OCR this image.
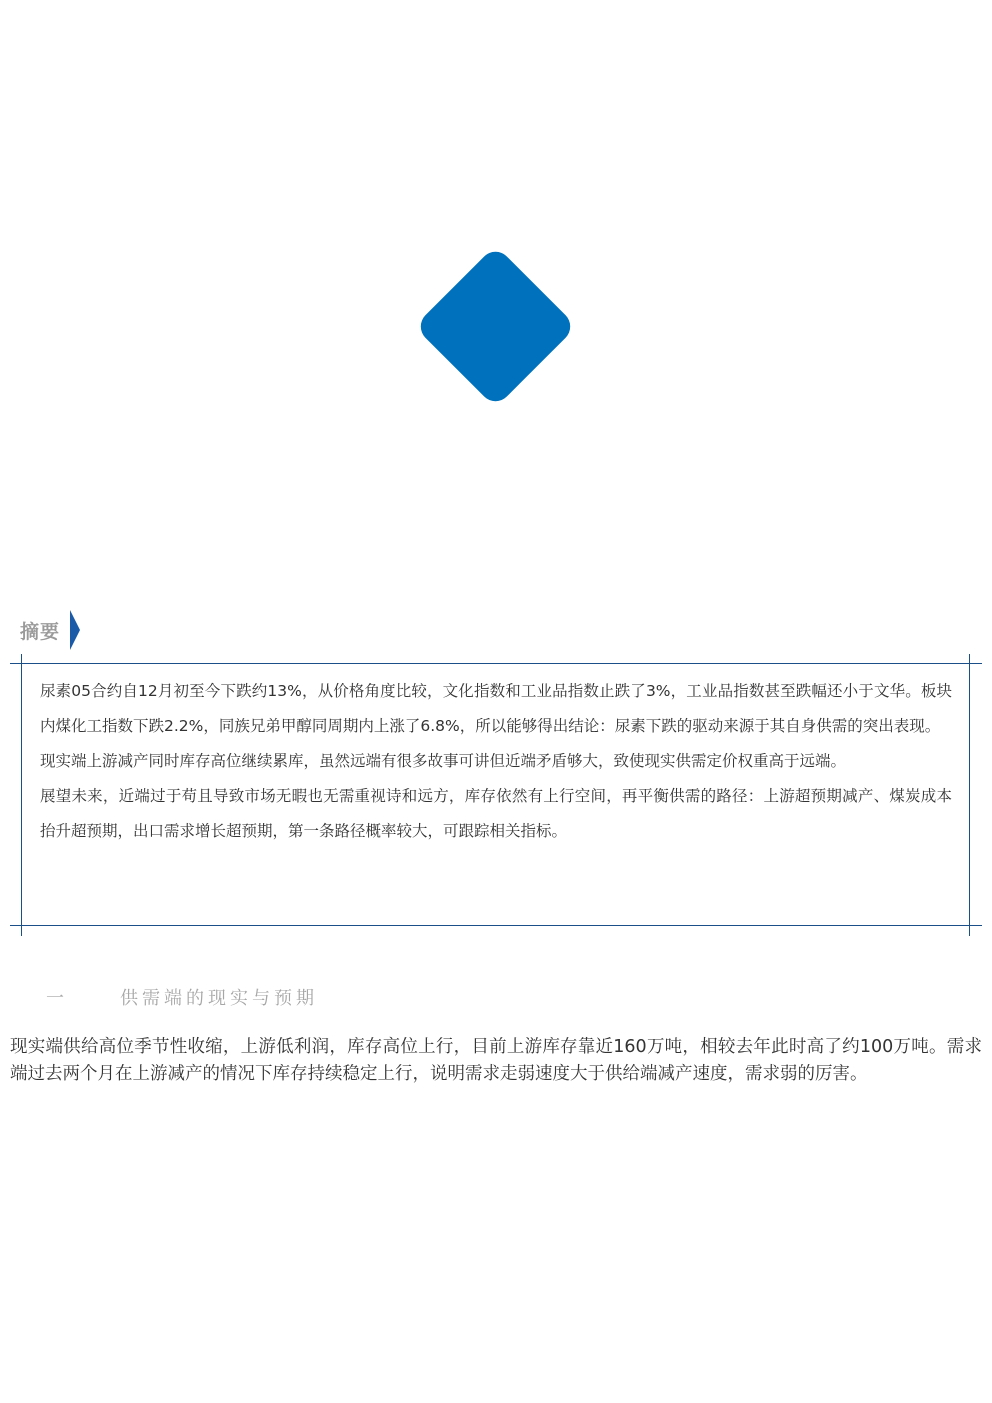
摘要

尿素05合约自12月初至今下跌约13%，从价格角度比较，文化指数和工业品指数止跌了3%，工业品指数甚至跌幅还小于文华。板块内煤化工指数下跌2.2%，同族兄弟甲醇同周期内上涨了6.8%，所以能够得出结论：尿素下跌的驱动来源于其自身供需的突出表现。

现实端上游减产同时库存高位继续累库，虽然远端有很多故事可讲但近端矛盾够大，致使现实供需定价权重高于远端。

展望未来，近端过于苟且导致市场无暇也无需重视诗和远方，库存依然有上行空间，再平衡供需的路径：上游超预期减产、煤炭成本抬升超预期，出口需求增长超预期，第一条路径概率较大，可跟踪相关指标。

一	供需端的现实与预期

现实端供给高位季节性收缩，上游低利润，库存高位上行，目前上游库存靠近160万吨，相较去年此时高了约100万吨。需求端过去两个月在上游减产的情况下库存持续稳定上行，说明需求走弱速度大于供给端减产速度，需求弱的厉害。
